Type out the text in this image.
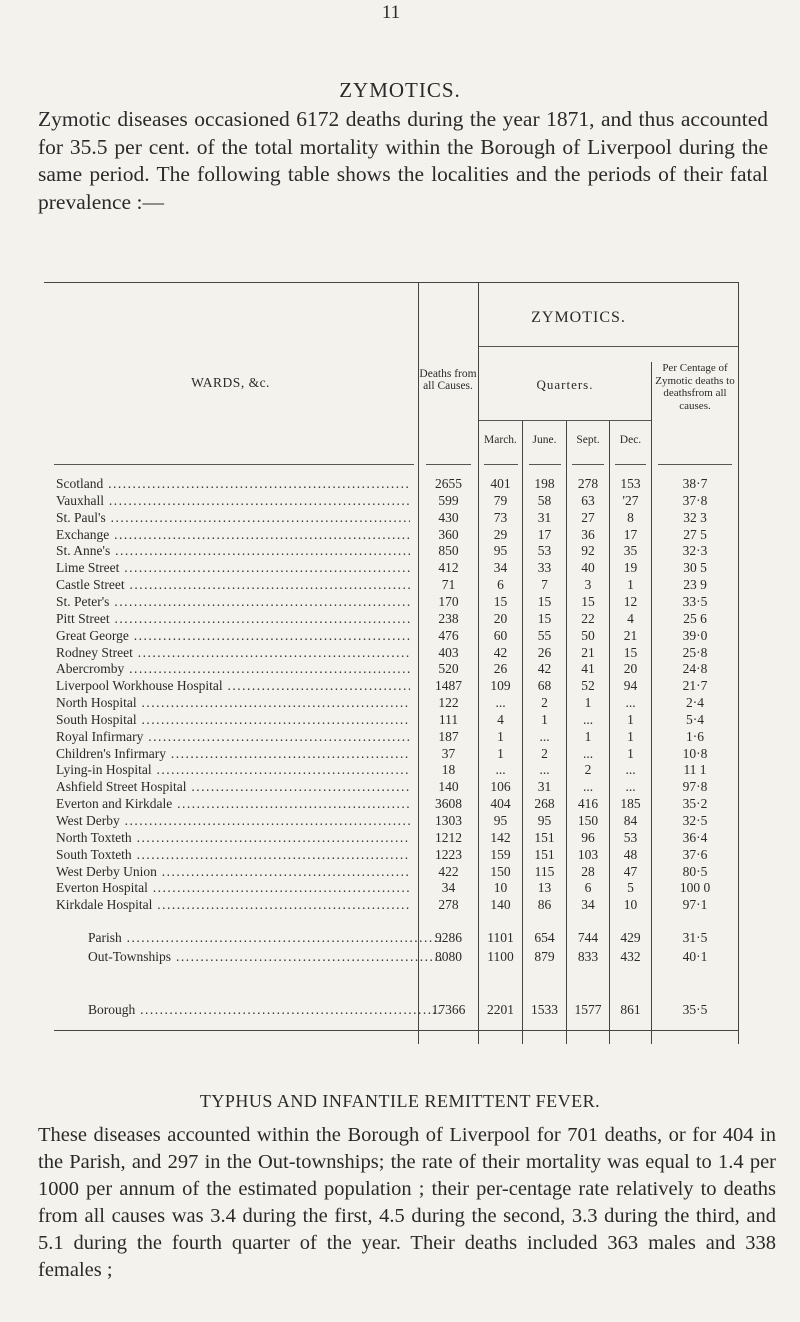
11
ZYMOTICS.

Zymotic diseases occasioned 6172 deaths during the year 1871, and thus accounted for 35.5 per cent. of the total mortality within the Borough of Liverpool during the same period. The following table shows the localities and the periods of their fatal prevalence :—

WARDS, &c.
Deaths from all Causes.
ZYMOTICS.
Quarters.
Per Centage of Zymotic deaths to deathsfrom all causes.
March.	June.	Sept.	Dec.
Scotland .....	2655	401	198	278	153	38·7
Vauxhall .....	599	79	58	63	'27	37·8
St. Paul's .....	430	73	31	27	8	32 3
Exchange .....	360	29	17	36	17	27 5
St. Anne's .....	850	95	53	92	35	32·3
Lime Street .....	412	34	33	40	19	30 5
Castle Street .....	71	6	7	3	1	23 9
St. Peter's .....	170	15	15	15	12	33·5
Pitt Street .....	238	20	15	22	4	25 6
Great George .....	476	60	55	50	21	39·0
Rodney Street .....	403	42	26	21	15	25·8
Abercromby .....	520	26	42	41	20	24·8
Liverpool Workhouse Hospital .....	1487	109	68	52	94	21·7
North Hospital .....	122	...	2	1	...	2·4
South Hospital .....	111	4	1	...	1	5·4
Royal Infirmary .....	187	1	...	1	1	1·6
Children's Infirmary .....	37	1	2	...	1	10·8
Lying-in Hospital .....	18	...	...	2	...	11 1
Ashfield Street Hospital .....	140	106	31	...	...	97·8
Everton and Kirkdale .....	3608	404	268	416	185	35·2
West Derby .....	1303	95	95	150	84	32·5
North Toxteth .....	1212	142	151	96	53	36·4
South Toxteth .....	1223	159	151	103	48	37·6
West Derby Union .....	422	150	115	28	47	80·5
Everton Hospital .....	34	10	13	6	5	100 0
Kirkdale Hospital .....	278	140	86	34	10	97·1
Parish .....	9286	1101	654	744	429	31·5
Out-Townships .....	8080	1100	879	833	432	40·1
Borough .....	17366	2201	1533	1577	861	35·5
TYPHUS AND INFANTILE REMITTENT FEVER.

These diseases accounted within the Borough of Liverpool for 701 deaths, or for 404 in the Parish, and 297 in the Out-townships; the rate of their mortality was equal to 1.4 per 1000 per annum of the estimated population ; their per-centage rate relatively to deaths from all causes was 3.4 during the first, 4.5 during the second, 3.3 during the third, and 5.1 during the fourth quarter of the year. Their deaths included 363 males and 338 females ;
